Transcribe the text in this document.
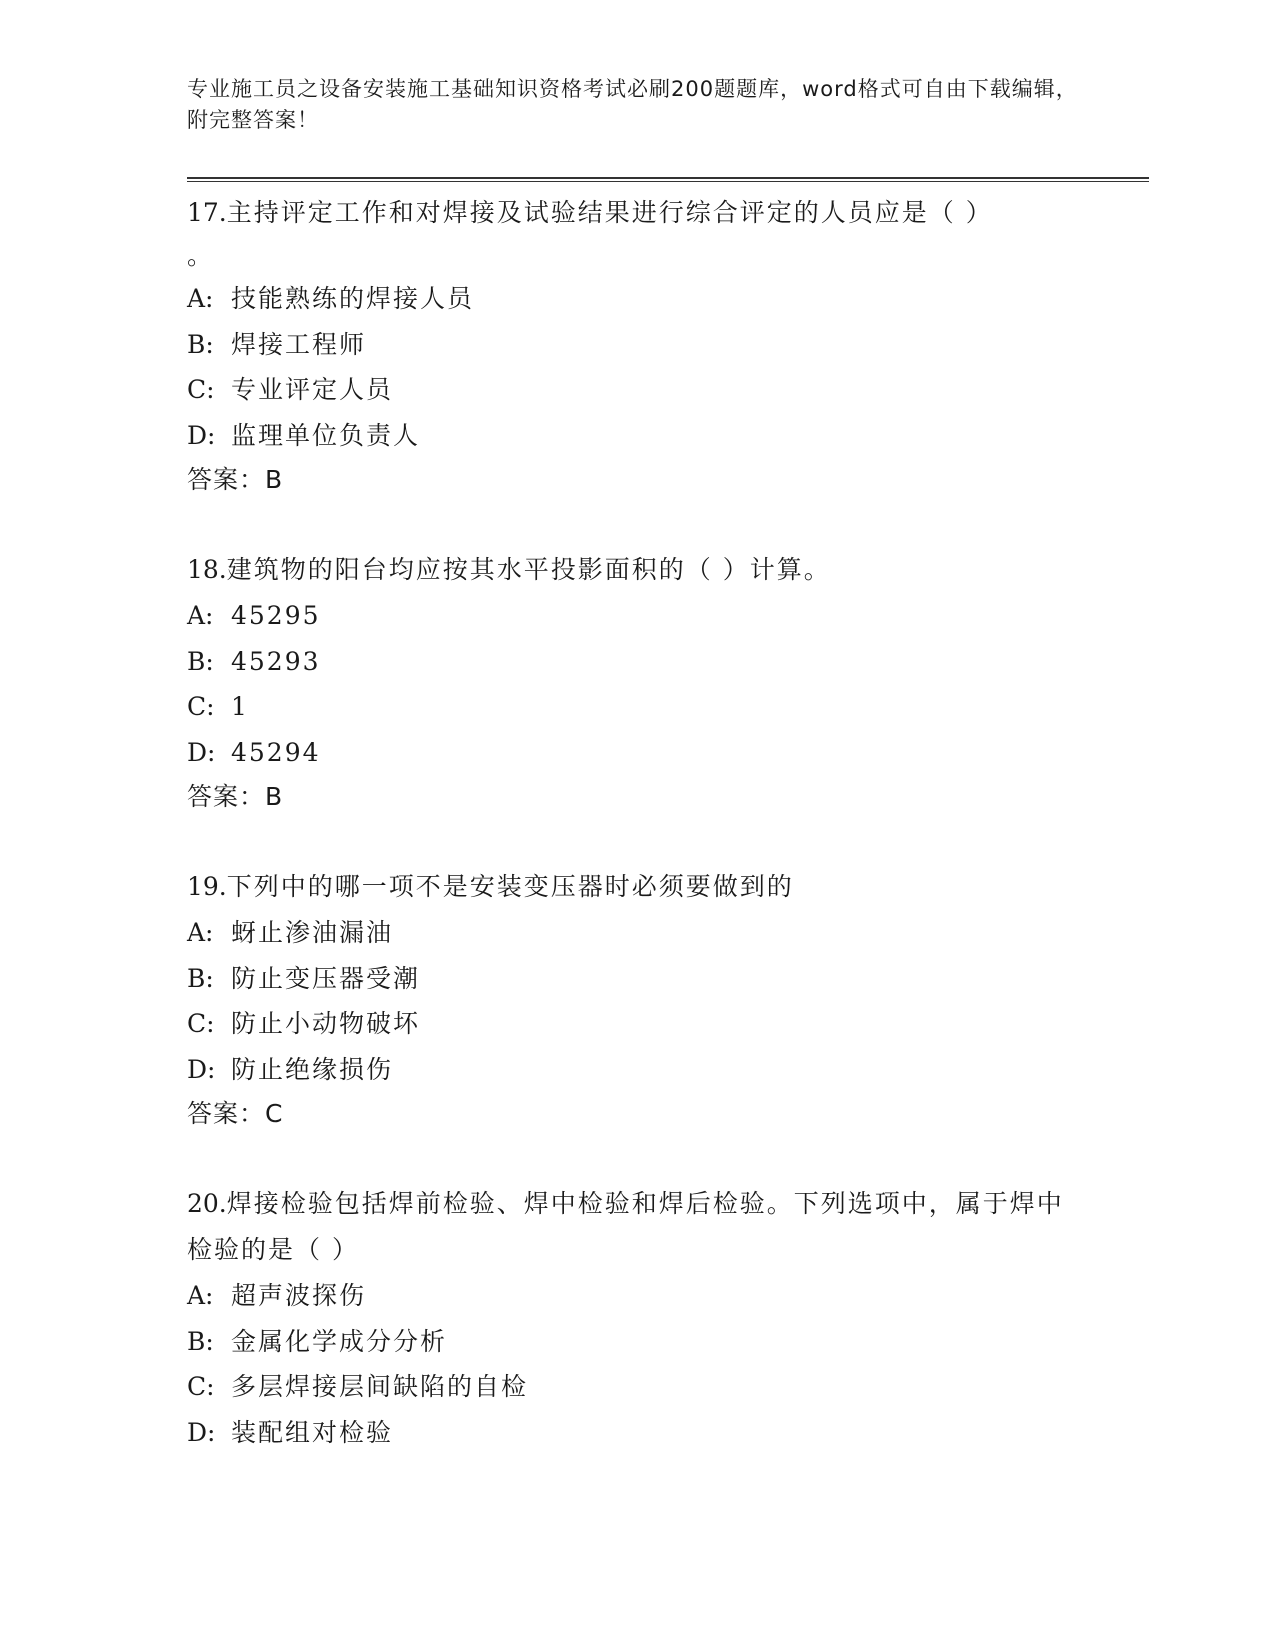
专业施工员之设备安装施工基础知识资格考试必刷200题题库，word格式可自由下载编辑，附完整答案！
17.主持评定工作和对焊接及试验结果进行综合评定的人员应是（ ）
。
A: 技能熟练的焊接人员
B: 焊接工程师
C: 专业评定人员
D: 监理单位负责人
答案：B
18.建筑物的阳台均应按其水平投影面积的（ ）计算。
A: 45295
B: 45293
C: 1
D: 45294
答案：B
19.下列中的哪一项不是安装变压器时必须要做到的
A: 蚜止渗油漏油
B: 防止变压器受潮
C: 防止小动物破坏
D: 防止绝缘损伤
答案：C
20.焊接检验包括焊前检验、焊中检验和焊后检验。下列选项中，属于焊中检验的是（ ）
A: 超声波探伤
B: 金属化学成分分析
C: 多层焊接层间缺陷的自检
D: 装配组对检验
